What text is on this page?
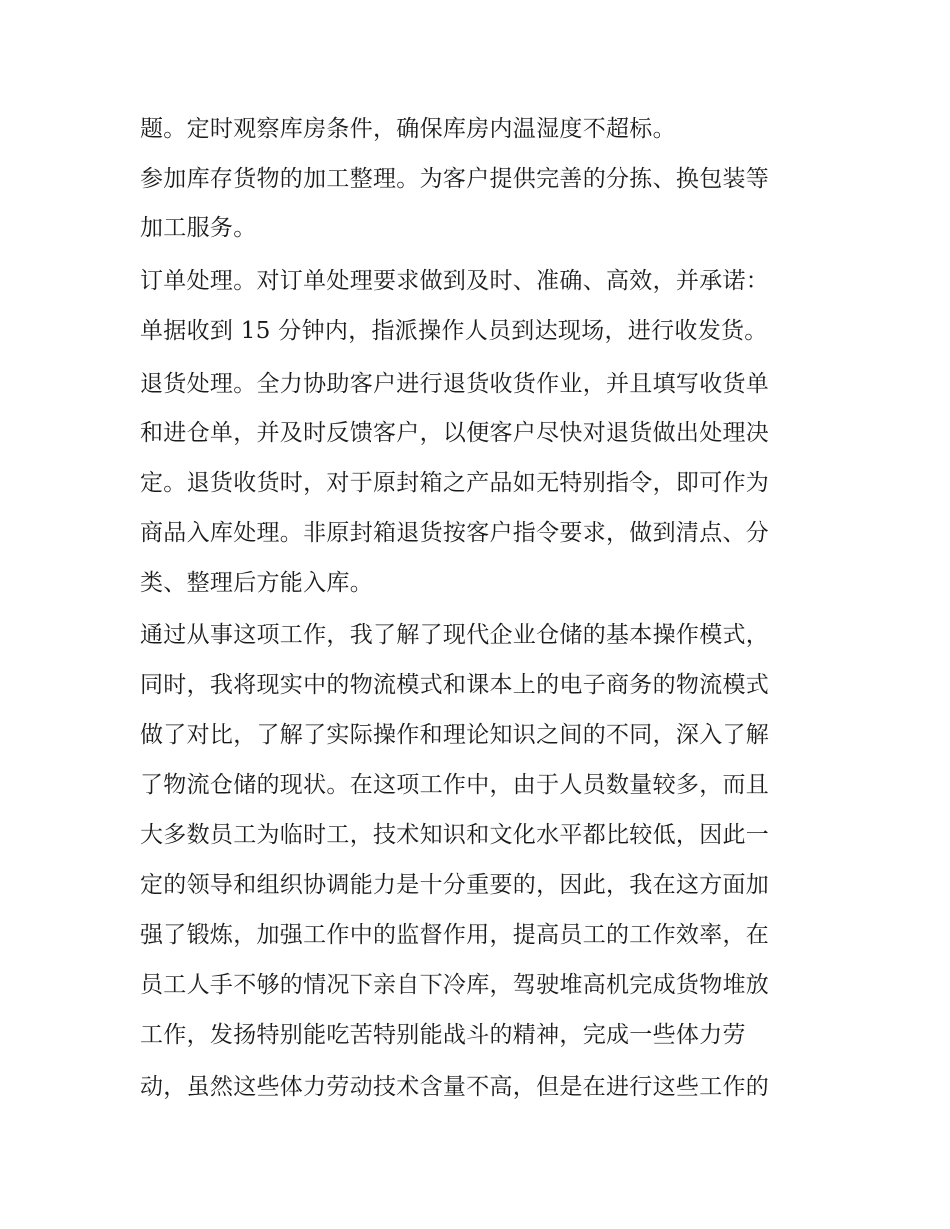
题。定时观察库房条件，确保库房内温湿度不超标。

参加库存货物的加工整理。为客户提供完善的分拣、换包装等

加工服务。

订单处理。对订单处理要求做到及时、准确、高效，并承诺：

单据收到 15 分钟内，指派操作人员到达现场，进行收发货。

退货处理。全力协助客户进行退货收货作业，并且填写收货单

和进仓单，并及时反馈客户，以便客户尽快对退货做出处理决

定。退货收货时，对于原封箱之产品如无特别指令，即可作为

商品入库处理。非原封箱退货按客户指令要求，做到清点、分

类、整理后方能入库。

通过从事这项工作，我了解了现代企业仓储的基本操作模式，

同时，我将现实中的物流模式和课本上的电子商务的物流模式

做了对比，了解了实际操作和理论知识之间的不同，深入了解

了物流仓储的现状。在这项工作中，由于人员数量较多，而且

大多数员工为临时工，技术知识和文化水平都比较低，因此一

定的领导和组织协调能力是十分重要的，因此，我在这方面加

强了锻炼，加强工作中的监督作用，提高员工的工作效率，在

员工人手不够的情况下亲自下冷库，驾驶堆高机完成货物堆放

工作，发扬特别能吃苦特别能战斗的精神，完成一些体力劳

动，虽然这些体力劳动技术含量不高，但是在进行这些工作的
